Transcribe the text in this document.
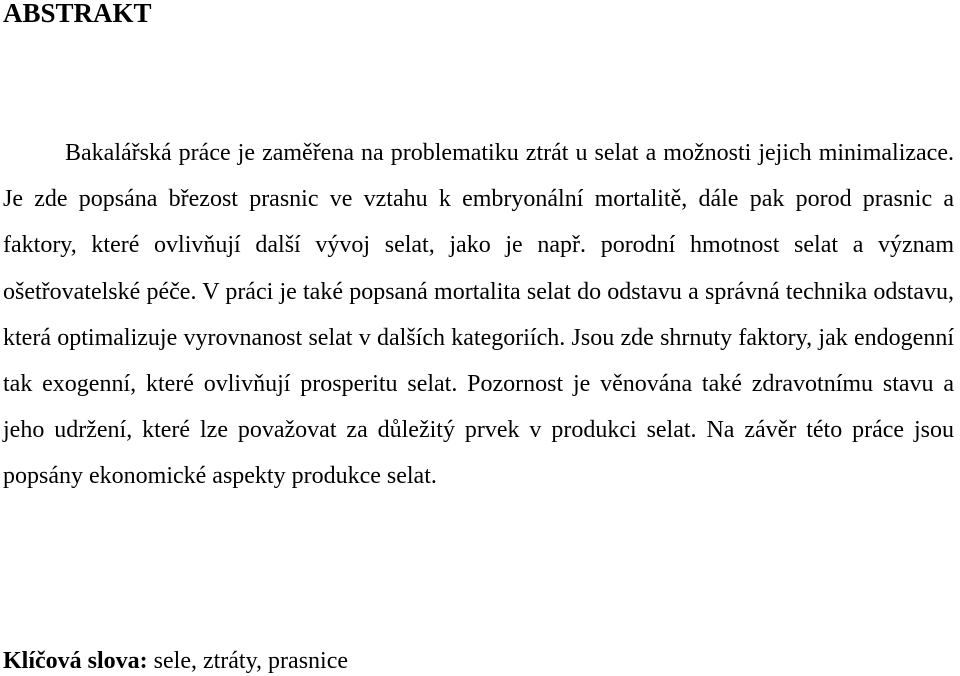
ABSTRAKT

Bakalářská práce je zaměřena na problematiku ztrát u selat a možnosti jejich minimalizace. Je zde popsána březost prasnic ve vztahu k embryonální mortalitě, dále pak porod prasnic a faktory, které ovlivňují další vývoj selat, jako je např. porodní hmotnost selat a význam ošetřovatelské péče. V práci je také popsaná mortalita selat do odstavu a správná technika odstavu, která optimalizuje vyrovnanost selat v dalších kategoriích. Jsou zde shrnuty faktory, jak endogenní tak exogenní, které ovlivňují prosperitu selat. Pozornost je věnována také zdravotnímu stavu a jeho udržení, které lze považovat za důležitý prvek v produkci selat. Na závěr této práce jsou popsány ekonomické aspekty produkce selat.

Klíčová slova: sele, ztráty, prasnice
